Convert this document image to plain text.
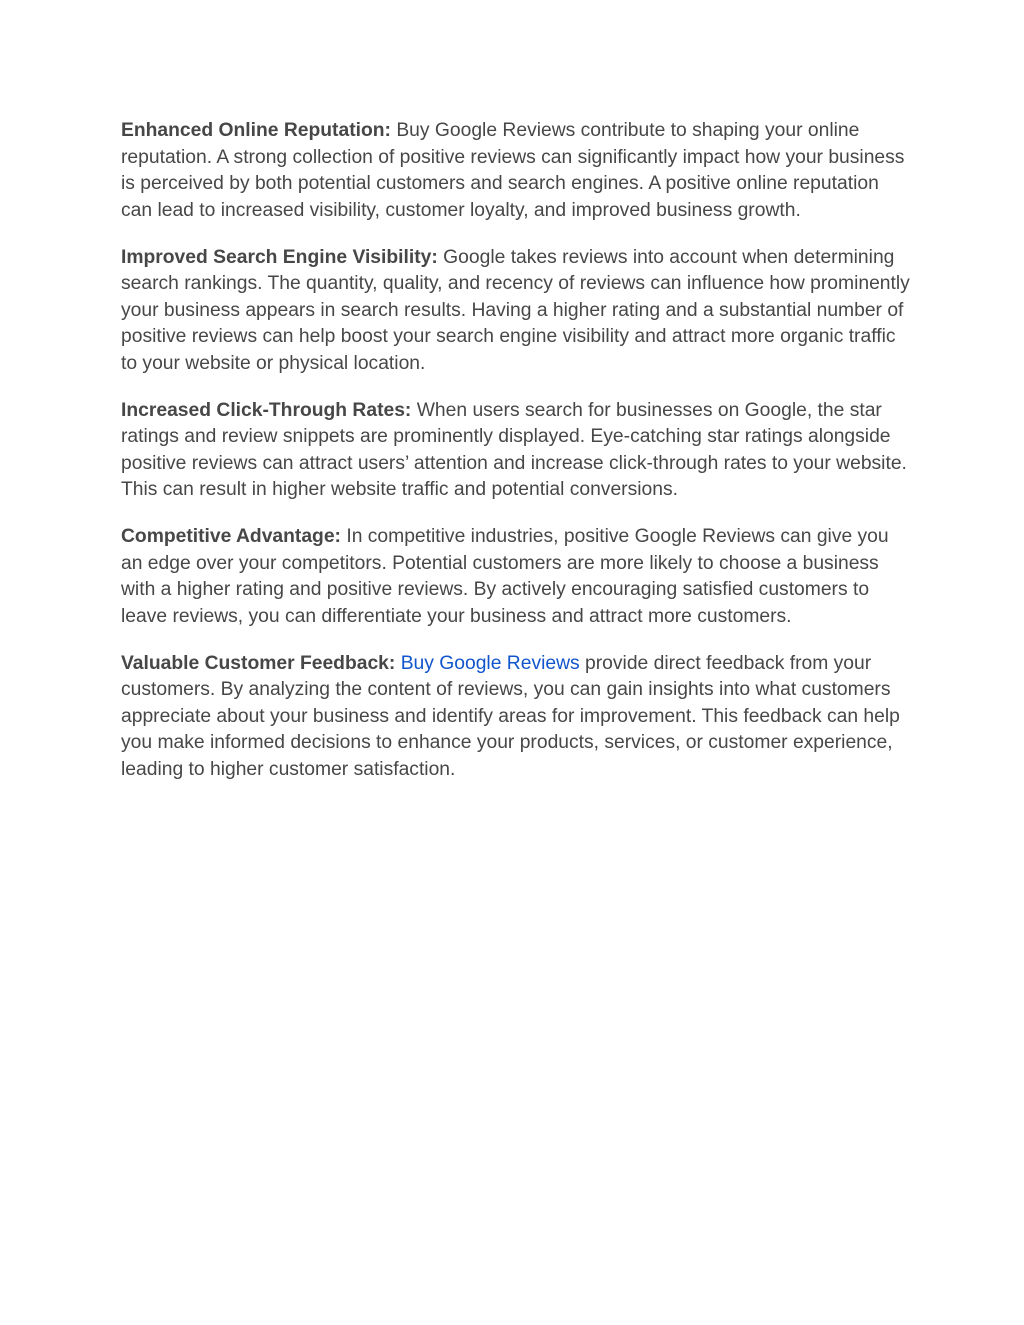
Enhanced Online Reputation: Buy Google Reviews contribute to shaping your online reputation. A strong collection of positive reviews can significantly impact how your business is perceived by both potential customers and search engines. A positive online reputation can lead to increased visibility, customer loyalty, and improved business growth.

Improved Search Engine Visibility: Google takes reviews into account when determining search rankings. The quantity, quality, and recency of reviews can influence how prominently your business appears in search results. Having a higher rating and a substantial number of positive reviews can help boost your search engine visibility and attract more organic traffic to your website or physical location.

Increased Click-Through Rates: When users search for businesses on Google, the star ratings and review snippets are prominently displayed. Eye-catching star ratings alongside positive reviews can attract users’ attention and increase click-through rates to your website. This can result in higher website traffic and potential conversions.

Competitive Advantage: In competitive industries, positive Google Reviews can give you an edge over your competitors. Potential customers are more likely to choose a business with a higher rating and positive reviews. By actively encouraging satisfied customers to leave reviews, you can differentiate your business and attract more customers.

Valuable Customer Feedback: Buy Google Reviews provide direct feedback from your customers. By analyzing the content of reviews, you can gain insights into what customers appreciate about your business and identify areas for improvement. This feedback can help you make informed decisions to enhance your products, services, or customer experience, leading to higher customer satisfaction.
